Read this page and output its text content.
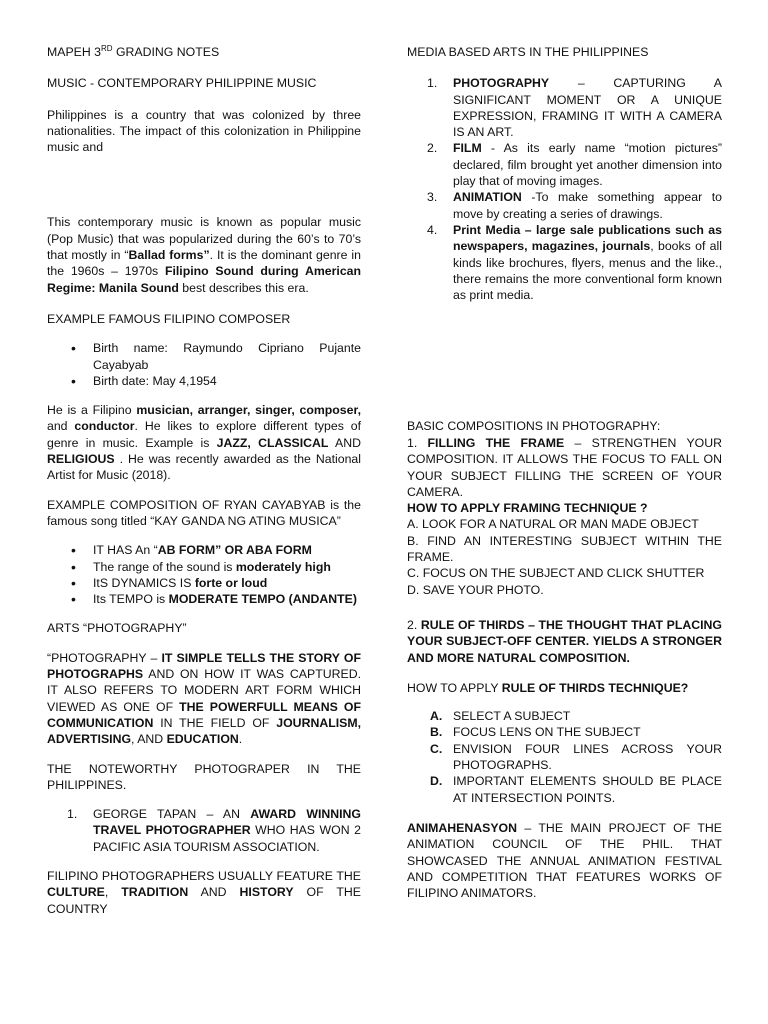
MAPEH 3RD GRADING NOTES

MUSIC - CONTEMPORARY PHILIPPINE MUSIC

Philippines is a country that was colonized by three nationalities. The impact of this colonization in Philippine music and

This contemporary music is known as popular music (Pop Music) that was popularized during the 60’s to 70’s that mostly in “Ballad forms”. It is the dominant genre in the 1960s – 1970s Filipino Sound during American Regime: Manila Sound best describes this era.

EXAMPLE FAMOUS FILIPINO COMPOSER

• Birth name: Raymundo Cipriano Pujante Cayabyab
• Birth date: May 4,1954

He is a Filipino musician, arranger, singer, composer, and conductor. He likes to explore different types of genre in music. Example is JAZZ, CLASSICAL AND RELIGIOUS . He was recently awarded as the National Artist for Music (2018).

EXAMPLE COMPOSITION OF RYAN CAYABYAB is the famous song titled “KAY GANDA NG ATING MUSICA”

• IT HAS An “AB FORM” OR ABA FORM
• The range of the sound is moderately high
• ItS DYNAMICS IS forte or loud
• Its TEMPO is MODERATE TEMPO (ANDANTE)

ARTS “PHOTOGRAPHY”

“PHOTOGRAPHY – IT SIMPLE TELLS THE STORY OF PHOTOGRAPHS AND ON HOW IT WAS CAPTURED. IT ALSO REFERS TO MODERN ART FORM WHICH VIEWED AS ONE OF THE POWERFULL MEANS OF COMMUNICATION IN THE FIELD OF JOURNALISM, ADVERTISING, AND EDUCATION.

THE NOTEWORTHY PHOTOGRAPER IN THE PHILIPPINES.

1. GEORGE TAPAN – AN AWARD WINNING TRAVEL PHOTOGRAPHER WHO HAS WON 2 PACIFIC ASIA TOURISM ASSOCIATION.

FILIPINO PHOTOGRAPHERS USUALLY FEATURE THE CULTURE, TRADITION AND HISTORY OF THE COUNTRY

MEDIA BASED ARTS IN THE PHILIPPINES

1. PHOTOGRAPHY – CAPTURING A SIGNIFICANT MOMENT OR A UNIQUE EXPRESSION, FRAMING IT WITH A CAMERA IS AN ART.
2. FILM - As its early name “motion pictures” declared, film brought yet another dimension into play that of moving images.
3. ANIMATION -To make something appear to move by creating a series of drawings.
4. Print Media – large sale publications such as newspapers, magazines, journals, books of all kinds like brochures, flyers, menus and the like., there remains the more conventional form known as print media.

BASIC COMPOSITIONS IN PHOTOGRAPHY:

1. FILLING THE FRAME – STRENGTHEN YOUR COMPOSITION. IT ALLOWS THE FOCUS TO FALL ON YOUR SUBJECT FILLING THE SCREEN OF YOUR CAMERA.

HOW TO APPLY FRAMING TECHNIQUE ?

A. LOOK FOR A NATURAL OR MAN MADE OBJECT

B. FIND AN INTERESTING SUBJECT WITHIN THE FRAME.

C. FOCUS ON THE SUBJECT AND CLICK SHUTTER

D. SAVE YOUR PHOTO.

2. RULE OF THIRDS – THE THOUGHT THAT PLACING YOUR SUBJECT-OFF CENTER. YIELDS A STRONGER AND MORE NATURAL COMPOSITION.

HOW TO APPLY RULE OF THIRDS TECHNIQUE?

A. SELECT A SUBJECT
B. FOCUS LENS ON THE SUBJECT
C. ENVISION FOUR LINES ACROSS YOUR PHOTOGRAPHS.
D. IMPORTANT ELEMENTS SHOULD BE PLACE AT INTERSECTION POINTS.

ANIMAHENASYON – THE MAIN PROJECT OF THE ANIMATION COUNCIL OF THE PHIL. THAT SHOWCASED THE ANNUAL ANIMATION FESTIVAL AND COMPETITION THAT FEATURES WORKS OF FILIPINO ANIMATORS.
